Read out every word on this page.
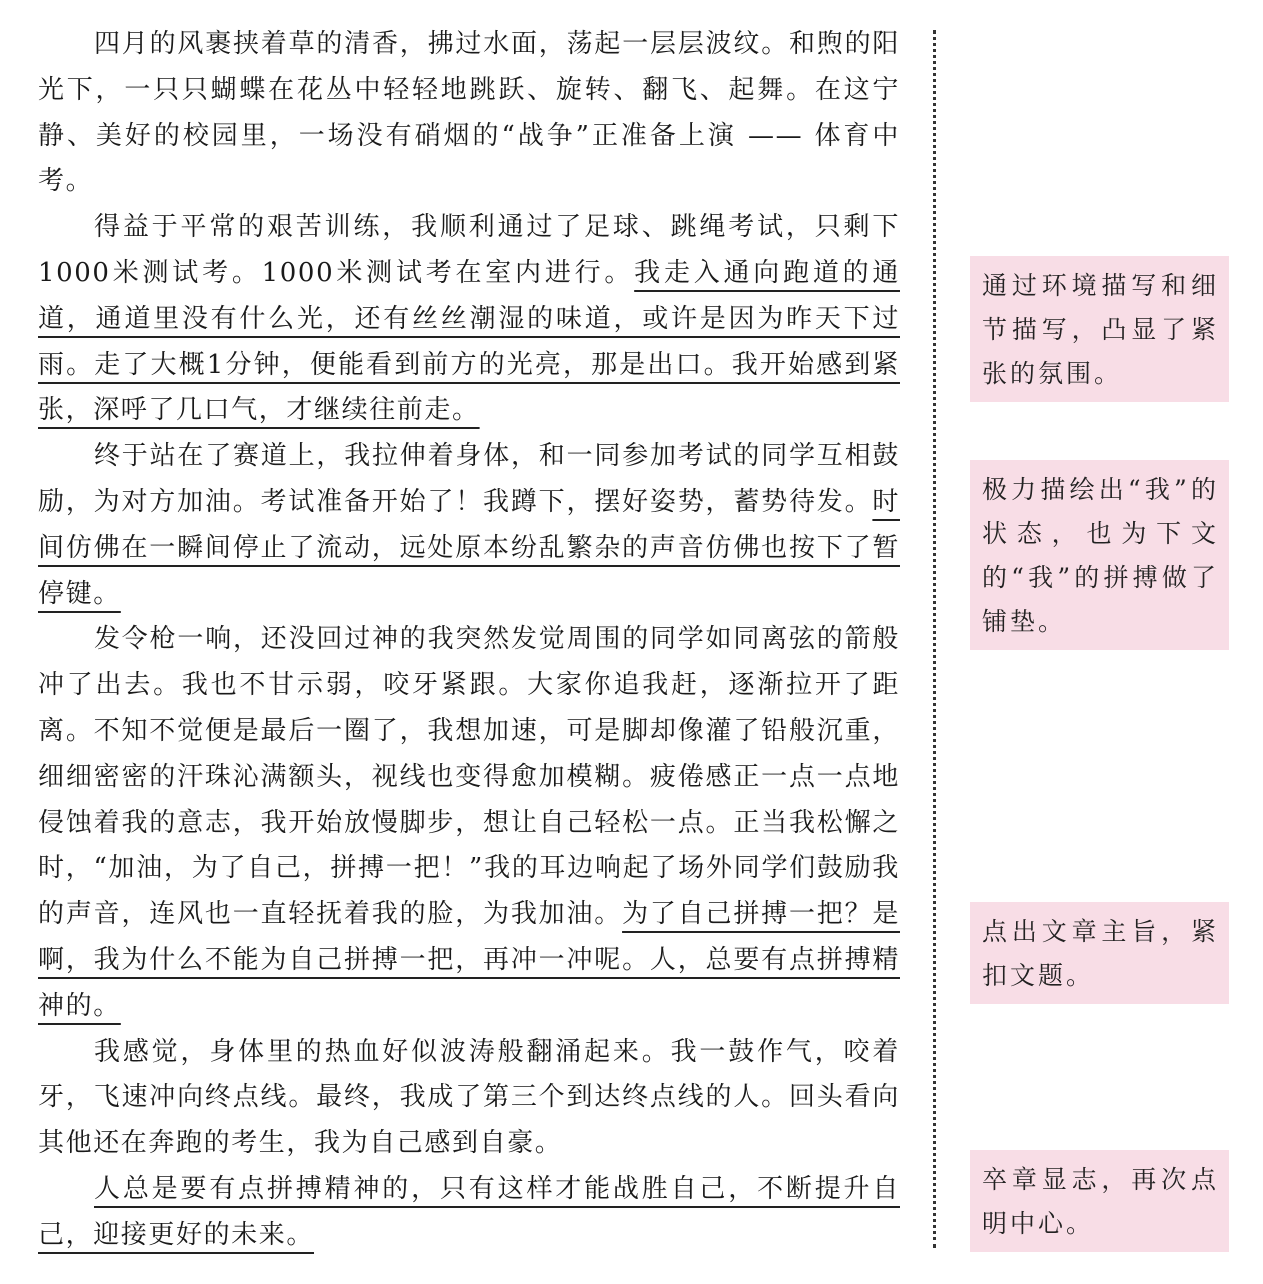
四月的风裹挟着草的清香，拂过水面，荡起一层层波纹。和煦的阳光下，一只只蝴蝶在花丛中轻轻地跳跃、旋转、翻飞、起舞。在这宁静、美好的校园里，一场没有硝烟的“战争”正准备上演 —— 体育中考。

得益于平常的艰苦训练，我顺利通过了足球、跳绳考试，只剩下1000米测试考。1000米测试考在室内进行。我走入通向跑道的通道，通道里没有什么光，还有丝丝潮湿的味道，或许是因为昨天下过雨。走了大概1分钟，便能看到前方的光亮，那是出口。我开始感到紧张，深呼了几口气，才继续往前走。

终于站在了赛道上，我拉伸着身体，和一同参加考试的同学互相鼓励，为对方加油。考试准备开始了！我蹲下，摆好姿势，蓄势待发。时间仿佛在一瞬间停止了流动，远处原本纷乱繁杂的声音仿佛也按下了暂停键。

发令枪一响，还没回过神的我突然发觉周围的同学如同离弦的箭般冲了出去。我也不甘示弱，咬牙紧跟。大家你追我赶，逐渐拉开了距离。不知不觉便是最后一圈了，我想加速，可是脚却像灌了铅般沉重，细细密密的汗珠沁满额头，视线也变得愈加模糊。疲倦感正一点一点地侵蚀着我的意志，我开始放慢脚步，想让自己轻松一点。正当我松懈之时，“加油，为了自己，拼搏一把！”我的耳边响起了场外同学们鼓励我的声音，连风也一直轻抚着我的脸，为我加油。为了自己拼搏一把？是啊，我为什么不能为自己拼搏一把，再冲一冲呢。人，总要有点拼搏精神的。

我感觉，身体里的热血好似波涛般翻涌起来。我一鼓作气，咬着牙，飞速冲向终点线。最终，我成了第三个到达终点线的人。回头看向其他还在奔跑的考生，我为自己感到自豪。

人总是要有点拼搏精神的，只有这样才能战胜自己，不断提升自己，迎接更好的未来。

通过环境描写和细节描写，凸显了紧张的氛围。
极力描绘出“我”的状态，也为下文的“我”的拼搏做了铺垫。
点出文章主旨，紧扣文题。
卒章显志，再次点明中心。
